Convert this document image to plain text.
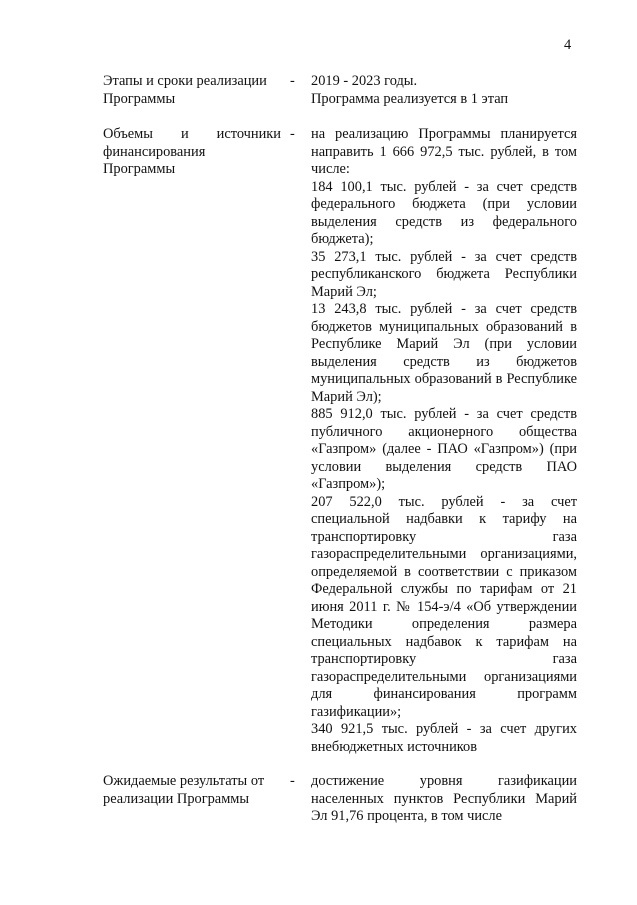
4
Этапы и сроки реализации
Программы
- 2019 - 2023 годы.
Программа реализуется в 1 этап
Объемы и источники
финансирования
Программы
- на реализацию Программы планируется направить 1 666 972,5 тыс. рублей, в том числе:

184 100,1 тыс. рублей - за счет средств федерального бюджета (при условии выделения средств из федерального бюджета);

35 273,1 тыс. рублей - за счет средств республиканского бюджета Республики Марий Эл;

13 243,8 тыс. рублей - за счет средств бюджетов муниципальных образований в Республике Марий Эл (при условии выделения средств из бюджетов муниципальных образований в Республике Марий Эл);

885 912,0 тыс. рублей - за счет средств публичного акционерного общества «Газпром» (далее - ПАО «Газпром») (при условии выделения средств ПАО «Газпром»);

207 522,0 тыс. рублей - за счет специальной надбавки к тарифу на транспортировку газа газораспределительными организациями, определяемой в соответствии с приказом Федеральной службы по тарифам от 21 июня 2011 г. № 154-э/4 «Об утверждении Методики определения размера специальных надбавок к тарифам на транспортировку газа газораспределительными организациями для финансирования программ газификации»;

340 921,5 тыс. рублей - за счет других внебюджетных источников

Ожидаемые результаты от
реализации Программы
- достижение уровня газификации населенных пунктов Республики Марий Эл 91,76 процента, в том числе
